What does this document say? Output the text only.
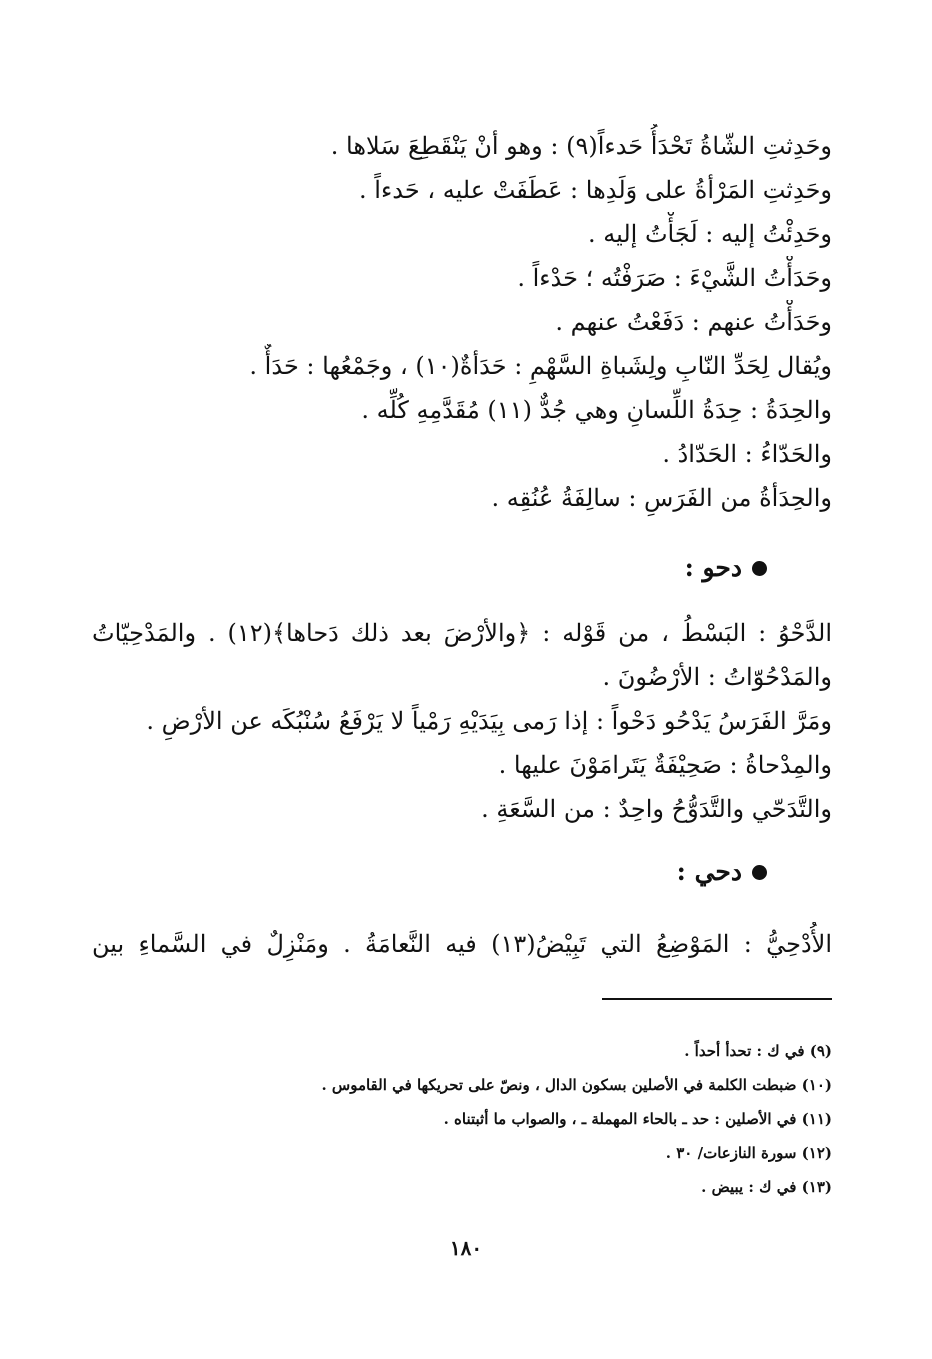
وحَدِثتِ الشّاةُ تَحْدَأُ حَدءاً(٩) : وهو أنْ يَنْقَطِعَ سَلاها .
وحَدِثتِ المَرْأةُ على وَلَدِها : عَطَفَتْ عليه ، حَدءاً .
وحَدِئْتُ إليه : لَجَأْتُ إليه .
وحَدَأْتُ الشَّيْءَ : صَرَفْتُه ؛ حَدْءاً .
وحَدَأْتُ عنهم : دَفَعْتُ عنهم .
ويُقال لِحَدِّ النّابِ ولِشَباةِ السَّهْمِ : حَدَأةٌ(١٠) ، وجَمْعُها : حَدَأٌ .
والحِدَةُ : حِدَةُ اللِّسانِ وهي جُدٌّ (١١) مُقَدَّمِهِ كُلِّه .
والحَدّاءُ : الحَدّادُ .
والحِدَأةُ من الفَرَسِ : سالِفَةُ عُنُقِه .
دحو :
الدَّحْوُ : البَسْطُ ، من قَوْله : ﴿والأرْضَ بعد ذلك دَحاها﴾(١٢) . والمَدْحِيّاتُ
والمَدْحُوّاتُ : الأرْضُونَ .
ومَرَّ الفَرَسُ يَدْحُو دَحْواً : إذا رَمى بِيَدَيْهِ رَمْياً لا يَرْفَعُ سُنْبُكَه عن الأرْضِ .
والمِدْحاةُ : صَحِيْفَةٌ يَتَرامَوْنَ عليها .
والتَّدَحّي والتَّدَوُّحُ واحِدٌ : من السَّعَةِ .
دحي :
الأُدْحِيُّ : المَوْضِعُ التي تَبِيْضُ(١٣) فيه النَّعامَةُ . ومَنْزِلٌ في السَّماءِ بين
(٩) في ك : تحدأ أحداً .
(١٠) ضبطت الكلمة في الأصلين بسكون الدال ، ونصّ على تحريكها في القاموس .
(١١) في الأصلين : حد ـ بالحاء المهملة ـ ، والصواب ما أثبتناه .
(١٢) سورة النازعات/ ٣٠ .
(١٣) في ك : يبيض .
١٨٠
